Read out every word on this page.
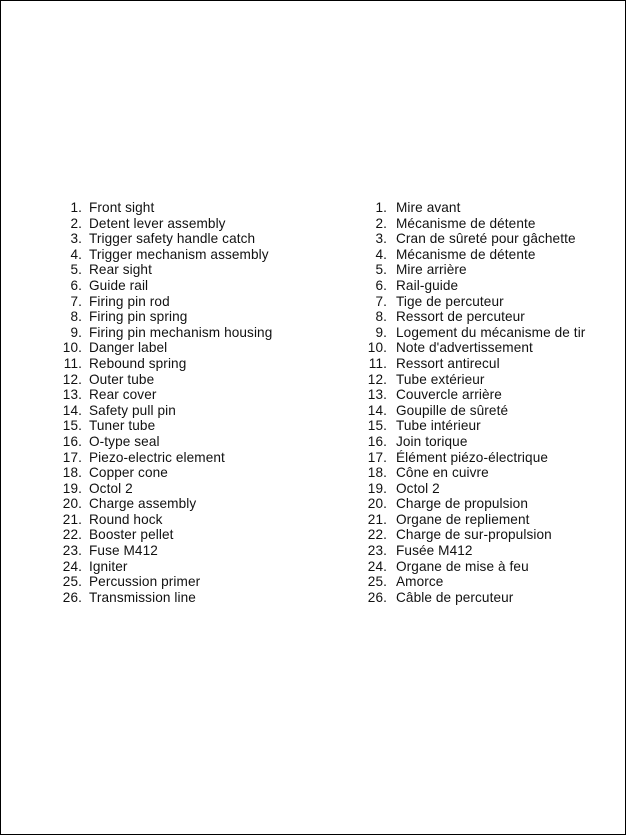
1. Front sight
2. Detent lever assembly
3. Trigger safety handle catch
4. Trigger mechanism assembly
5. Rear sight
6. Guide rail
7. Firing pin rod
8. Firing pin spring
9. Firing pin mechanism housing
10. Danger label
11. Rebound spring
12. Outer tube
13. Rear cover
14. Safety pull pin
15. Tuner tube
16. O-type seal
17. Piezo-electric element
18. Copper cone
19. Octol 2
20. Charge assembly
21. Round hock
22. Booster pellet
23. Fuse M412
24. Igniter
25. Percussion primer
26. Transmission line
1. Mire avant
2. Mécanisme de détente
3. Cran de sûreté pour gâchette
4. Mécanisme de détente
5. Mire arrière
6. Rail-guide
7. Tige de percuteur
8. Ressort de percuteur
9. Logement du mécanisme de tir
10. Note d'advertissement
11. Ressort antirecul
12. Tube extérieur
13. Couvercle arrière
14. Goupille de sûreté
15. Tube intérieur
16. Join torique
17. Élément piézo-électrique
18. Cône en cuivre
19. Octol 2
20. Charge de propulsion
21. Organe de repliement
22. Charge de sur-propulsion
23. Fusée M412
24. Organe de mise à feu
25. Amorce
26. Câble de percuteur
